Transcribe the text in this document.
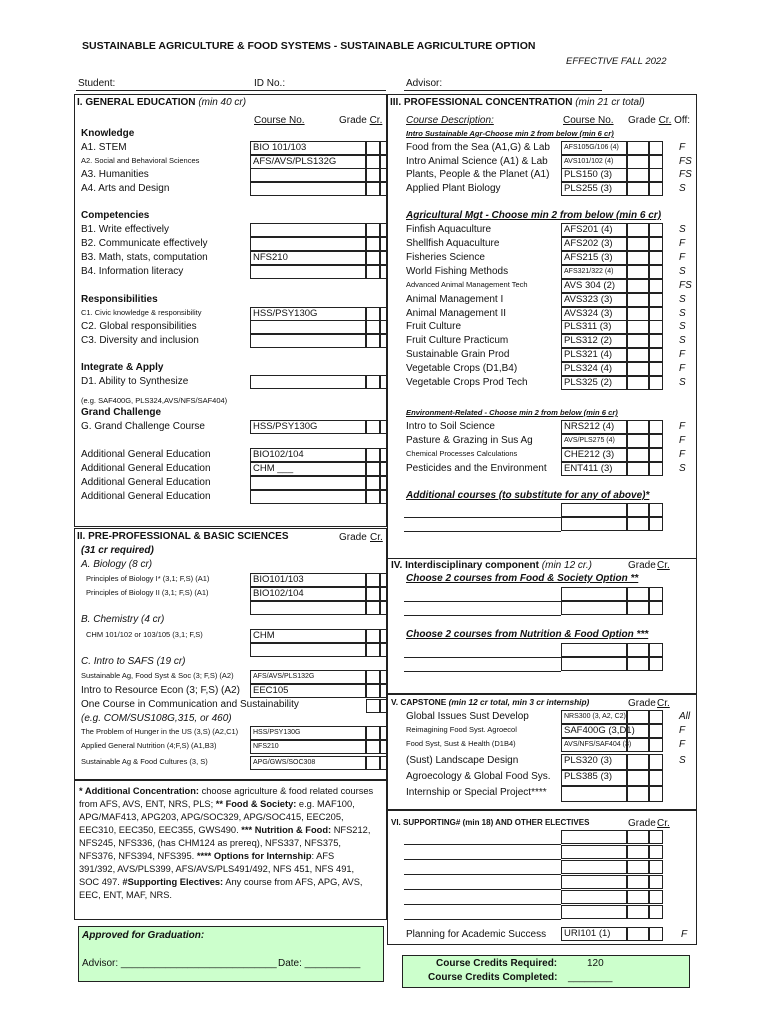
SUSTAINABLE AGRICULTURE & FOOD SYSTEMS - SUSTAINABLE AGRICULTURE OPTION
EFFECTIVE FALL 2022
Student:	ID No.:	Advisor:
I. GENERAL EDUCATION (min 40 cr)
Course No.	Grade Cr.
Knowledge
III. PROFESSIONAL CONCENTRATION (min 21 cr total)
Course Description:	Course No. Grade Cr. Off:
A1. STEM	BIO 101/103
A2. Social and Behavioral Sciences	AFS/AVS/PLS132G
A3. Humanities
A4. Arts and Design
Competencies
B1. Write effectively
B2. Communicate effectively
B3. Math, stats, computation	NFS210
B4. Information literacy
Responsibilities
C1. Civic knowledge & responsibility	HSS/PSY130G
C2. Global responsibilities
C3. Diversity and inclusion
Integrate & Apply
D1. Ability to Synthesize
(e.g. SAF400G, PLS324,AVS/NFS/SAF404)
Grand Challenge
G. Grand Challenge Course	HSS/PSY130G
Additional General Education	BIO102/104
Additional General Education	CHM ___
Additional General Education
Additional General Education
II. PRE-PROFESSIONAL & BASIC SCIENCES	Grade Cr.
(31 cr required)
A. Biology (8 cr)
Principles of Biology I* (3,1; F,S) (A1)	BIO101/103
Principles of Biology II (3,1; F,S) (A1)	BIO102/104
B. Chemistry (4 cr)
CHM 101/102 or 103/105 (3,1; F,S)	CHM
C. Intro to SAFS (19 cr)
Sustainable Ag, Food Syst & Soc (3; F,S) (A2)	AFS/AVS/PLS132G
Intro to Resource Econ (3; F,S) (A2)	EEC105
One Course in Communication and Sustainability
(e.g. COM/SUS108G,315, or 460)
The Problem of Hunger in the US (3,S) (A2,C1)	HSS/PSY130G
Applied General Nutrition (4;F,S) (A1,B3)	NFS210
Sustainable Ag & Food Cultures (3, S)	APG/GWS/SOC308
* Additional Concentration: choose agriculture & food related courses
from AFS, AVS, ENT, NRS, PLS; ** Food & Society: e.g. MAF100,
APG/MAF413, APG203, APG/SOC329, APG/SOC415, EEC205,
EEC310, EEC350, EEC355, GWS490. *** Nutrition & Food: NFS212,
NFS245, NFS336, (has CHM124 as prereq), NFS337, NFS375,
NFS376, NFS394, NFS395. **** Options for Internship: AFS
391/392, AVS/PLS399, AFS/AVS/PLS491/492, NFS 451, NFS 491,
SOC 497. #Supporting Electives: Any course from AFS, APG, AVS,
EEC, ENT, MAF, NRS.
Approved for Graduation:
Advisor: ____________________________ Date: __________
Intro Sustainable Agr-Choose min 2 from below (min 6 cr)
Food from the Sea (A1,G) & Lab	AFS105G/106 (4)	F
Intro Animal Science (A1) & Lab	AVS101/102 (4)	FS
Plants, People & the Planet (A1)	PLS150 (3)	FS
Applied Plant Biology	PLS255 (3)	S
Agricultural Mgt - Choose min 2 from below (min 6 cr)
Finfish Aquaculture	AFS201 (4)	S
Shellfish Aquaculture	AFS202 (3)	F
Fisheries Science	AFS215 (3)	F
World Fishing Methods	AFS321/322 (4)	S
Advanced Animal Management Tech	AVS 304 (2)	FS
Animal Management I	AVS323 (3)	S
Animal Management II	AVS324 (3)	S
Fruit Culture	PLS311 (3)	S
Fruit Culture Practicum	PLS312 (2)	S
Sustainable Grain Prod	PLS321 (4)	F
Vegetable Crops (D1,B4)	PLS324 (4)	F
Vegetable Crops Prod Tech	PLS325 (2)	S
Environment-Related - Choose min 2 from below (min 6 cr)
Intro to Soil Science	NRS212 (4)	F
Pasture & Grazing in Sus Ag	AVS/PLS275 (4)	F
Chemical Processes Calculations	CHE212 (3)	F
Pesticides and the Environment	ENT411 (3)	S
Additional courses (to substitute for any of above)*
IV. Interdisciplinary component (min 12 cr.)	Grade Cr.
Choose 2 courses from Food & Society Option **
Choose 2 courses from Nutrition & Food Option ***
V. CAPSTONE (min 12 cr total, min 3 cr internship)	Grade Cr.
Global Issues Sust Develop	NRS300 (3, A2, C2)	All
Reimagining Food Syst. Agroecol	SAF400G (3,D1)	F
Food Syst, Sust & Health (D1B4)	AVS/NFS/SAF404 (3)	F
(Sust) Landscape Design	PLS320 (3)	S
Agroecology & Global Food Sys.	PLS385 (3)
Internship or Special Project****
VI. SUPPORTING# (min 18) AND OTHER ELECTIVES	Grade Cr.
Planning for Academic Success	URI101 (1)	F
Course Credits Required:	120
Course Credits Completed: ________
